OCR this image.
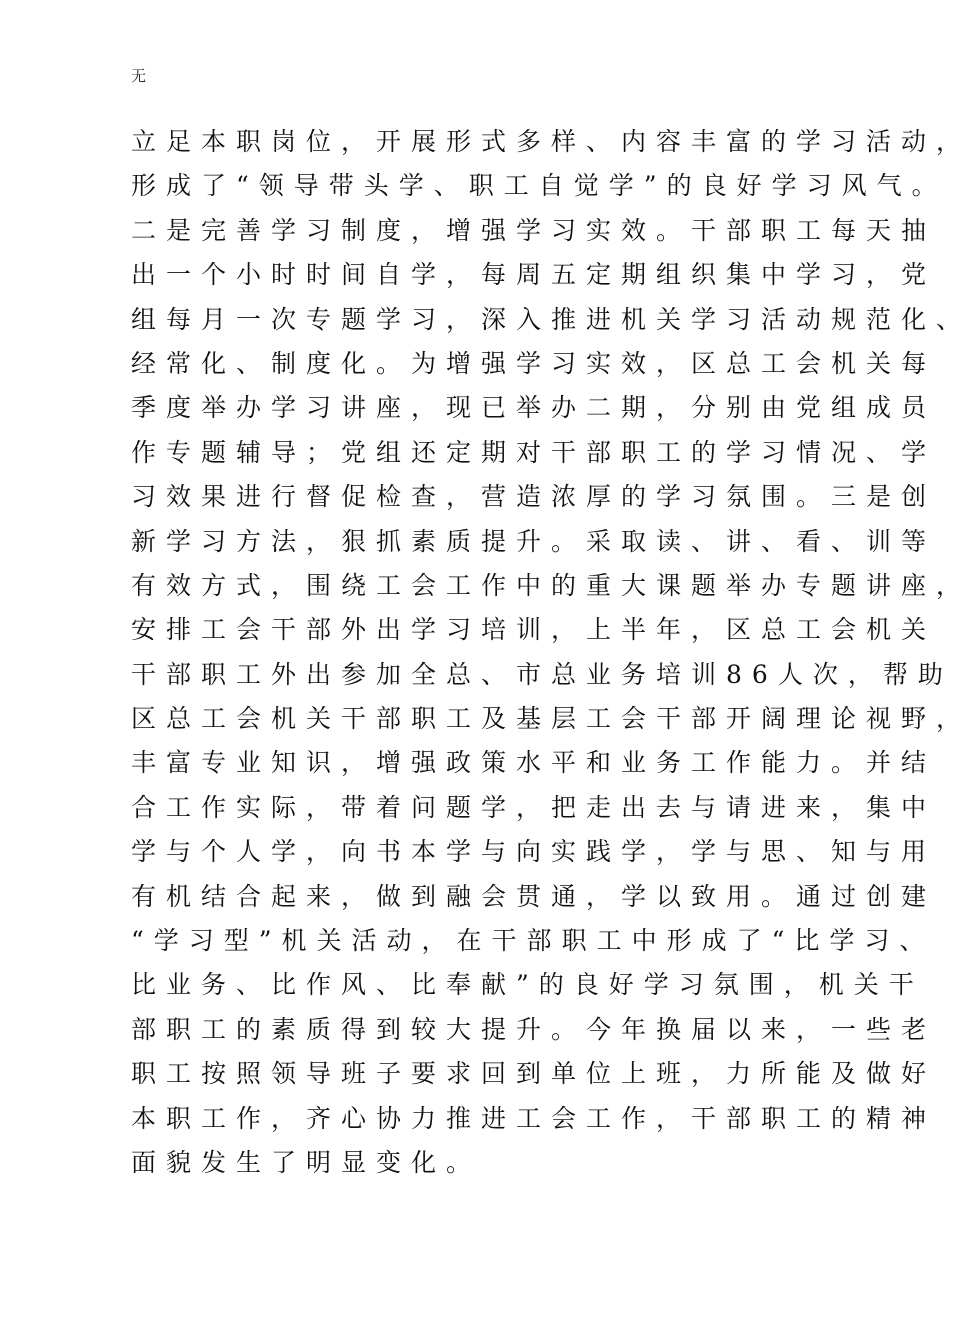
无
立足本职岗位，开展形式多样、内容丰富的学习活动，
形成了“领导带头学、职工自觉学”的良好学习风气。
二是完善学习制度，增强学习实效。干部职工每天抽
出一个小时时间自学，每周五定期组织集中学习，党
组每月一次专题学习，深入推进机关学习活动规范化、
经常化、制度化。为增强学习实效，区总工会机关每
季度举办学习讲座，现已举办二期，分别由党组成员
作专题辅导；党组还定期对干部职工的学习情况、学
习效果进行督促检查，营造浓厚的学习氛围。三是创
新学习方法，狠抓素质提升。采取读、讲、看、训等
有效方式，围绕工会工作中的重大课题举办专题讲座，
安排工会干部外出学习培训，上半年，区总工会机关
干部职工外出参加全总、市总业务培训86人次，帮助
区总工会机关干部职工及基层工会干部开阔理论视野，
丰富专业知识，增强政策水平和业务工作能力。并结
合工作实际，带着问题学，把走出去与请进来，集中
学与个人学，向书本学与向实践学，学与思、知与用
有机结合起来，做到融会贯通，学以致用。通过创建
“学习型”机关活动，在干部职工中形成了“比学习、
比业务、比作风、比奉献”的良好学习氛围，机关干
部职工的素质得到较大提升。今年换届以来，一些老
职工按照领导班子要求回到单位上班，力所能及做好
本职工作，齐心协力推进工会工作，干部职工的精神
面貌发生了明显变化。
